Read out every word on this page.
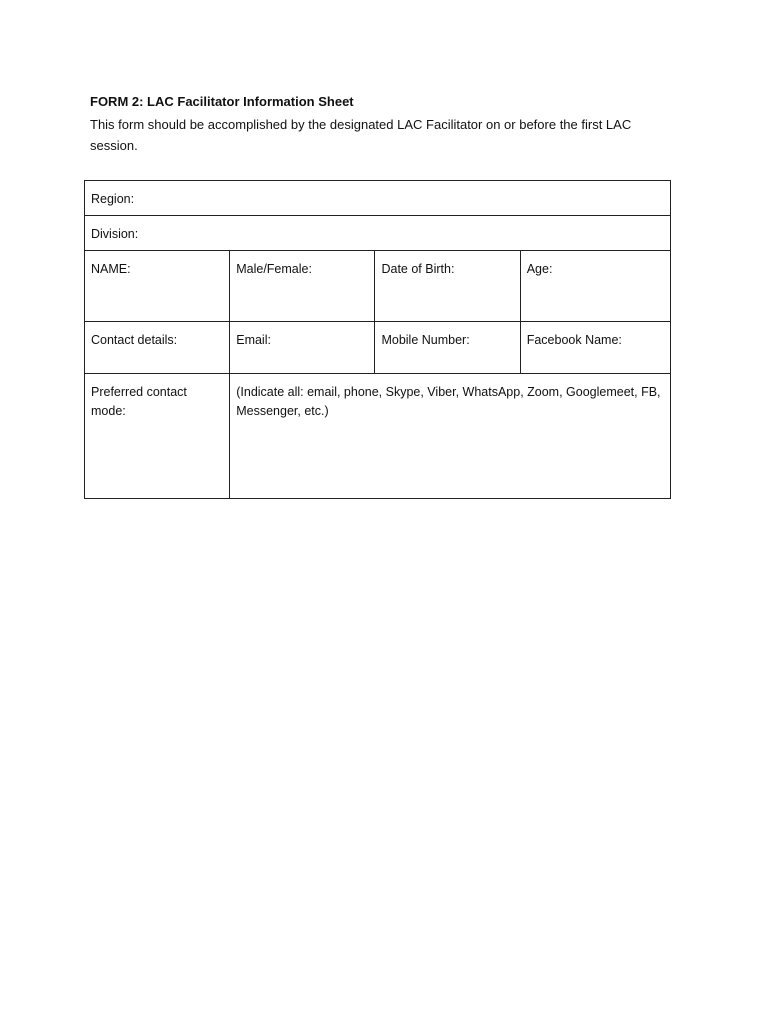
FORM 2: LAC Facilitator Information Sheet

This form should be accomplished by the designated LAC Facilitator on or before the first LAC session.

Region:			
Division:			
NAME:	Male/Female:	Date of Birth:	Age:
Contact details:	Email:	Mobile Number:	Facebook Name:
Preferred contact mode:	(Indicate all: email, phone, Skype, Viber, WhatsApp, Zoom, Googlemeet, FB, Messenger, etc.)		
